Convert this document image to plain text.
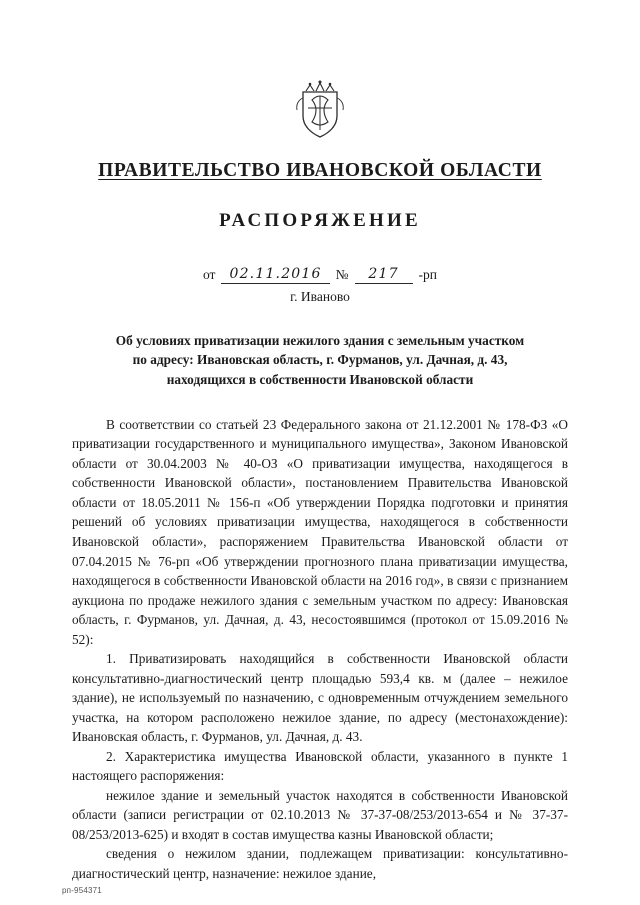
ПРАВИТЕЛЬСТВО ИВАНОВСКОЙ ОБЛАСТИ
РАСПОРЯЖЕНИЕ
от	02.11.2016	№	217	-рп
г. Иваново
Об условиях приватизации нежилого здания с земельным участком
по адресу: Ивановская область, г. Фурманов, ул. Дачная, д. 43,
находящихся в собственности Ивановской области

В соответствии со статьей 23 Федерального закона от 21.12.2001 № 178-ФЗ «О приватизации государственного и муниципального имущества», Законом Ивановской области от 30.04.2003 № 40-ОЗ «О приватизации имущества, находящегося в собственности Ивановской области», постановлением Правительства Ивановской области от 18.05.2011 № 156-п «Об утверждении Порядка подготовки и принятия решений об условиях приватизации имущества, находящегося в собственности Ивановской области», распоряжением Правительства Ивановской области от 07.04.2015 № 76-рп «Об утверждении прогнозного плана приватизации имущества, находящегося в собственности Ивановской области на 2016 год», в связи с признанием аукциона по продаже нежилого здания с земельным участком по адресу: Ивановская область, г. Фурманов, ул. Дачная, д. 43, несостоявшимся (протокол от 15.09.2016 № 52):

1. Приватизировать находящийся в собственности Ивановской области консультативно-диагностический центр площадью 593,4 кв. м (далее – нежилое здание), не используемый по назначению, с одновременным отчуждением земельного участка, на котором расположено нежилое здание, по адресу (местонахождение): Ивановская область, г. Фурманов, ул. Дачная, д. 43.

2. Характеристика имущества Ивановской области, указанного в пункте 1 настоящего распоряжения:

нежилое здание и земельный участок находятся в собственности Ивановской области (записи регистрации от 02.10.2013 № 37-37-08/253/2013-654 и № 37-37-08/253/2013-625) и входят в состав имущества казны Ивановской области;

сведения о нежилом здании, подлежащем приватизации: консультативно-диагностический центр, назначение: нежилое здание,

рп-954371
